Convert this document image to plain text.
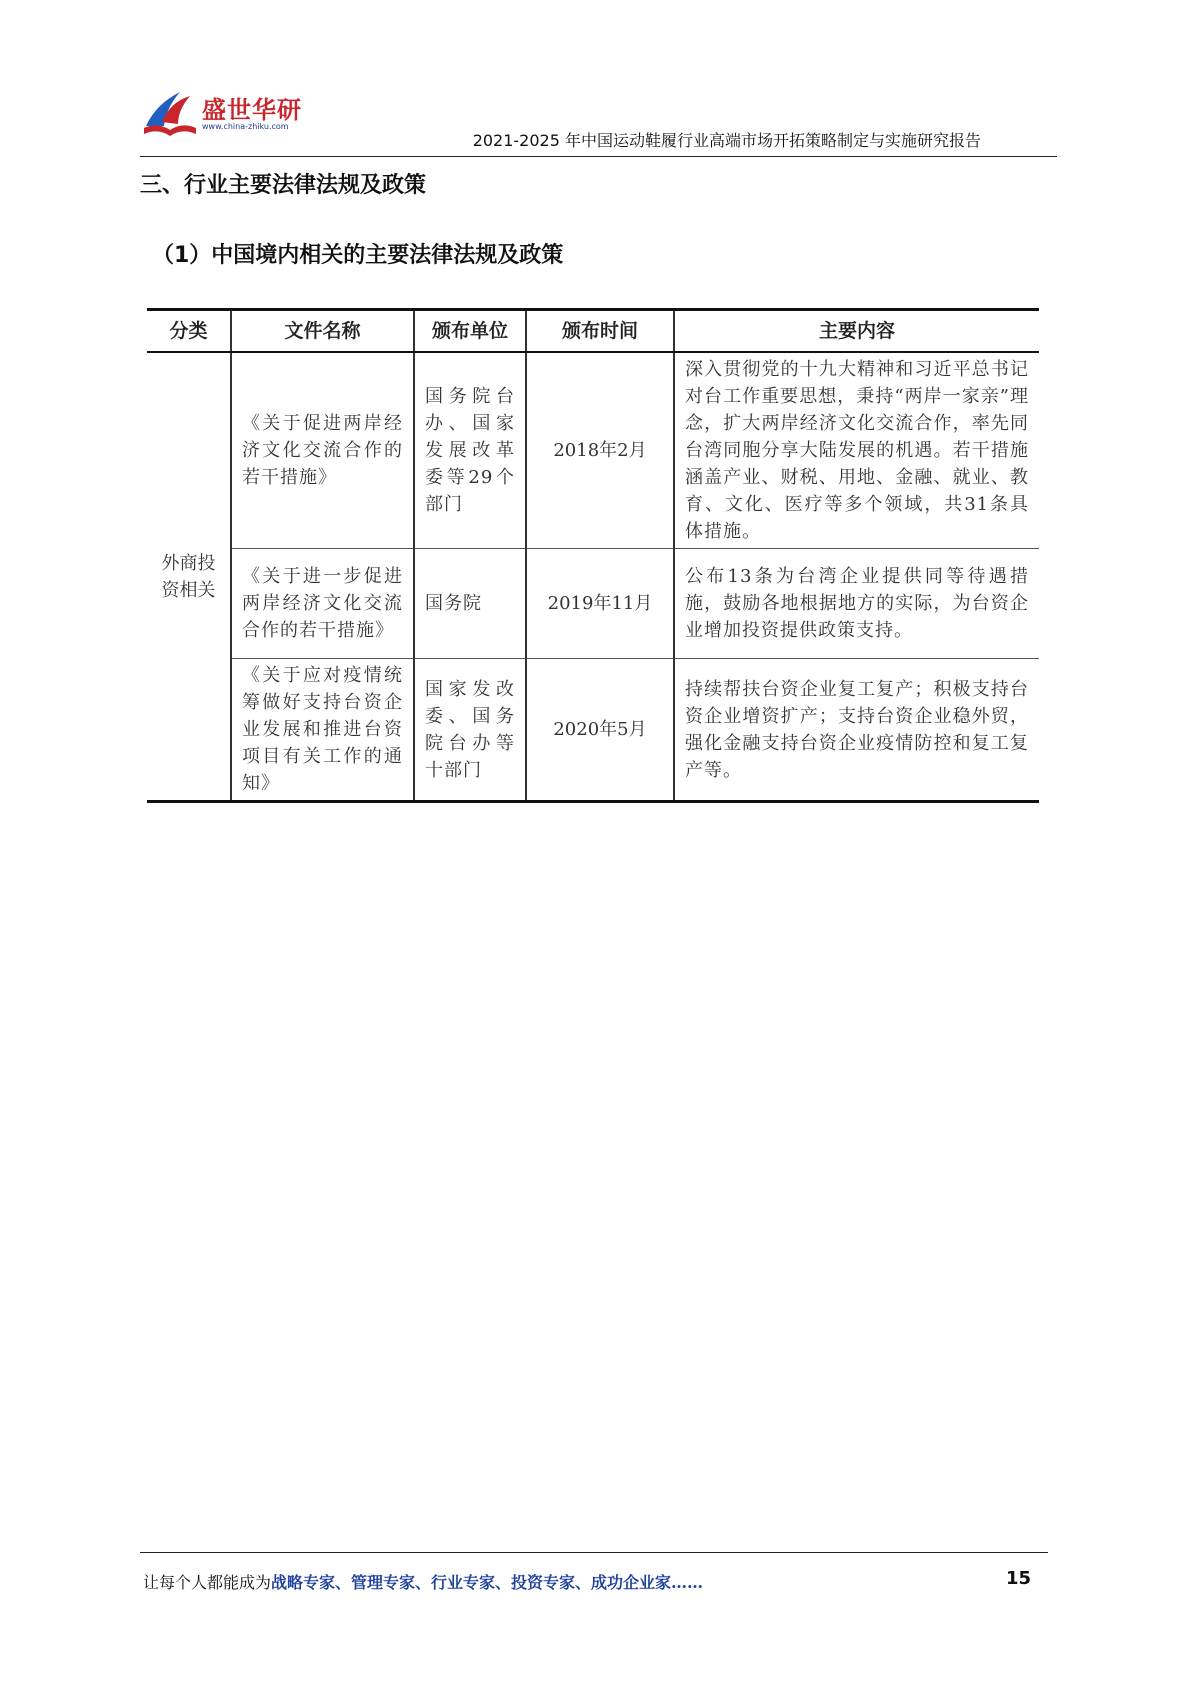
盛世华研
www.china-zhiku.com
2021-2025 年中国运动鞋履行业高端市场开拓策略制定与实施研究报告
三、行业主要法律法规及政策
（1）中国境内相关的主要法律法规及政策
分类	文件名称	颁布单位	颁布时间	主要内容
外商投资相关	《关于促进两岸经济文化交流合作的若干措施》	国务院台办、国家发展改革委等29个部门	2018年2月	深入贯彻党的十九大精神和习近平总书记对台工作重要思想，秉持“两岸一家亲”理念，扩大两岸经济文化交流合作，率先同台湾同胞分享大陆发展的机遇。若干措施涵盖产业、财税、用地、金融、就业、教育、文化、医疗等多个领域，共31条具体措施。
	《关于进一步促进两岸经济文化交流合作的若干措施》	国务院	2019年11月	公布13条为台湾企业提供同等待遇措施，鼓励各地根据地方的实际，为台资企业增加投资提供政策支持。
	《关于应对疫情统筹做好支持台资企业发展和推进台资项目有关工作的通知》	国家发改委、国务院台办等十部门	2020年5月	持续帮扶台资企业复工复产；积极支持台资企业增资扩产；支持台资企业稳外贸，强化金融支持台资企业疫情防控和复工复产等。
让每个人都能成为战略专家、管理专家、行业专家、投资专家、成功企业家……	15
